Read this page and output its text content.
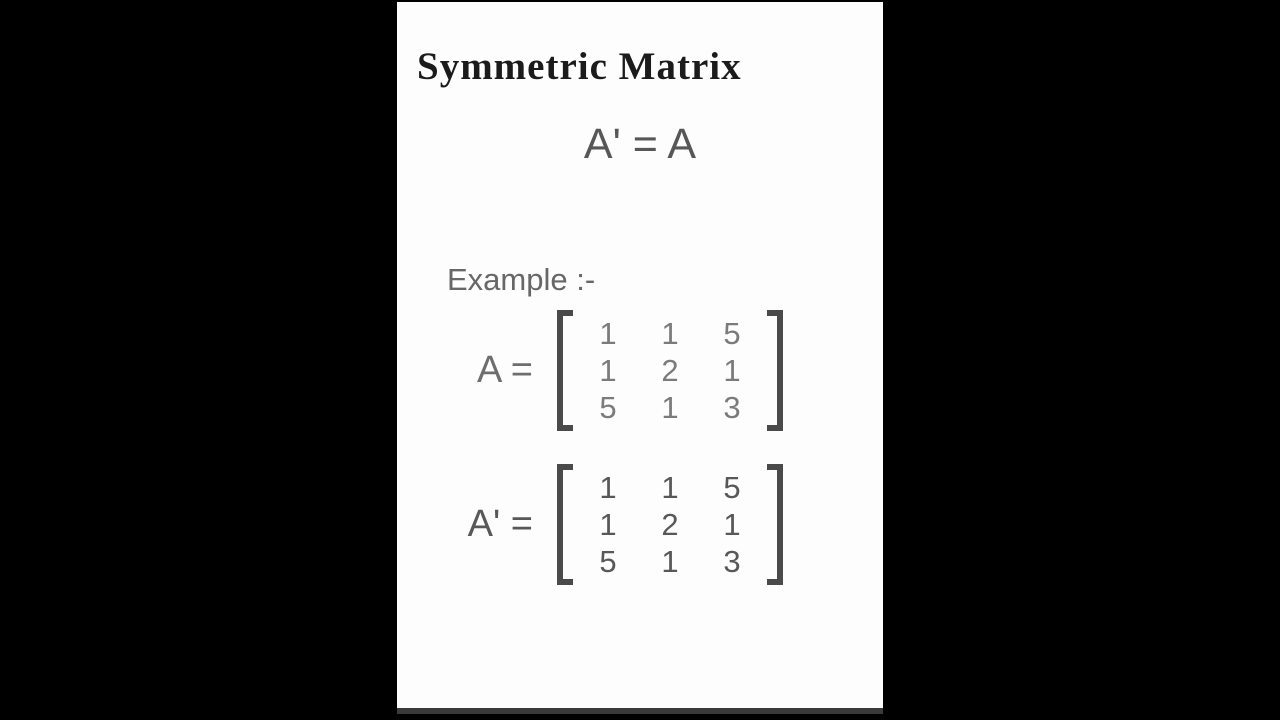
Symmetric Matrix
A' = A
Example :-
A =
1	1	5
1	2	1
5	1	3
A' =
1	1	5
1	2	1
5	1	3
